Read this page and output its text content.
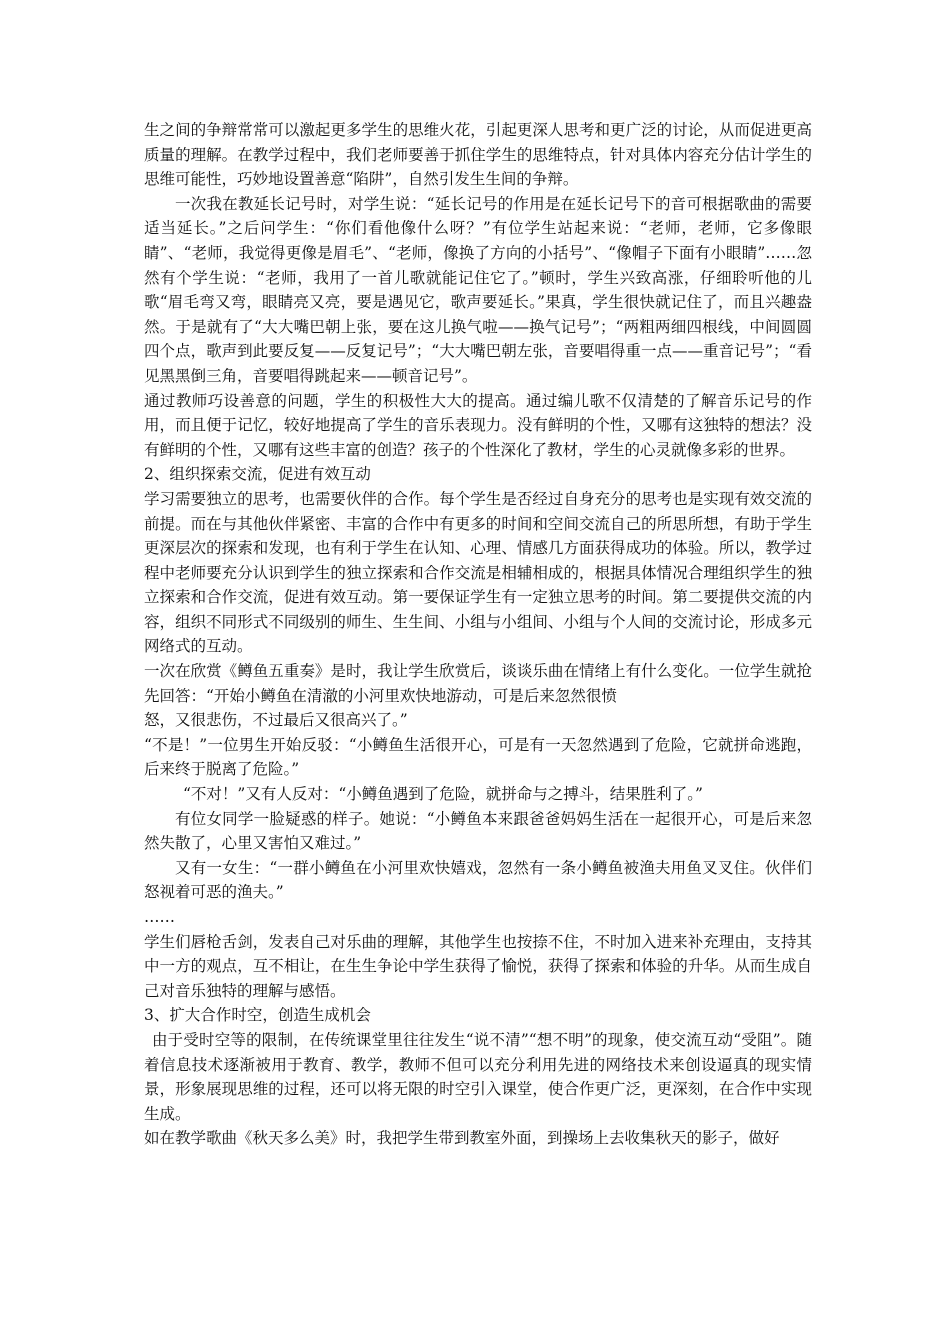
生之间的争辩常常可以激起更多学生的思维火花，引起更深人思考和更广泛的讨论，从而促进更高质量的理解。在教学过程中，我们老师要善于抓住学生的思维特点，针对具体内容充分估计学生的思维可能性，巧妙地设置善意“陷阱”，自然引发生生间的争辩。

一次我在教延长记号时，对学生说：“延长记号的作用是在延长记号下的音可根据歌曲的需要适当延长。”之后问学生：“你们看他像什么呀？”有位学生站起来说：“老师，老师，它多像眼睛”、“老师，我觉得更像是眉毛”、“老师，像换了方向的小括号”、“像帽子下面有小眼睛”……忽然有个学生说：“老师，我用了一首儿歌就能记住它了。”顿时，学生兴致高涨，仔细聆听他的儿歌“眉毛弯又弯，眼睛亮又亮，要是遇见它，歌声要延长。”果真，学生很快就记住了，而且兴趣盎然。于是就有了“大大嘴巴朝上张，要在这儿换气啦——换气记号”；“两粗两细四根线，中间圆圆四个点，歌声到此要反复——反复记号”；“大大嘴巴朝左张，音要唱得重一点——重音记号”；“看见黑黑倒三角，音要唱得跳起来——顿音记号”。

通过教师巧设善意的问题，学生的积极性大大的提高。通过编儿歌不仅清楚的了解音乐记号的作用，而且便于记忆，较好地提高了学生的音乐表现力。没有鲜明的个性，又哪有这独特的想法？没有鲜明的个性，又哪有这些丰富的创造？孩子的个性深化了教材，学生的心灵就像多彩的世界。

2、组织探索交流，促进有效互动

学习需要独立的思考，也需要伙伴的合作。每个学生是否经过自身充分的思考也是实现有效交流的前提。而在与其他伙伴紧密、丰富的合作中有更多的时间和空间交流自己的所思所想，有助于学生更深层次的探索和发现，也有利于学生在认知、心理、情感几方面获得成功的体验。所以，教学过程中老师要充分认识到学生的独立探索和合作交流是相辅相成的，根据具体情况合理组织学生的独立探索和合作交流，促进有效互动。第一要保证学生有一定独立思考的时间。第二要提供交流的内容，组织不同形式不同级别的师生、生生间、小组与小组间、小组与个人间的交流讨论，形成多元网络式的互动。

一次在欣赏《鳟鱼五重奏》是时，我让学生欣赏后，谈谈乐曲在情绪上有什么变化。一位学生就抢先回答：“开始小鳟鱼在清澈的小河里欢快地游动，可是后来忽然很愤

怒，又很悲伤，不过最后又很高兴了。”

“不是！”一位男生开始反驳：“小鳟鱼生活很开心，可是有一天忽然遇到了危险，它就拼命逃跑，后来终于脱离了危险。”

“不对！”又有人反对：“小鳟鱼遇到了危险，就拼命与之搏斗，结果胜利了。”

有位女同学一脸疑惑的样子。她说：“小鳟鱼本来跟爸爸妈妈生活在一起很开心，可是后来忽然失散了，心里又害怕又难过。”

又有一女生：“一群小鳟鱼在小河里欢快嬉戏，忽然有一条小鳟鱼被渔夫用鱼叉叉住。伙伴们怒视着可恶的渔夫。”

……

学生们唇枪舌剑，发表自己对乐曲的理解，其他学生也按捺不住，不时加入进来补充理由，支持其中一方的观点，互不相让，在生生争论中学生获得了愉悦，获得了探索和体验的升华。从而生成自己对音乐独特的理解与感悟。

3、扩大合作时空，创造生成机会

由于受时空等的限制，在传统课堂里往往发生“说不清”“想不明”的现象，使交流互动“受阻”。随着信息技术逐渐被用于教育、教学，教师不但可以充分利用先进的网络技术来创设逼真的现实情景，形象展现思维的过程，还可以将无限的时空引入课堂，使合作更广泛，更深刻，在合作中实现生成。

如在教学歌曲《秋天多么美》时，我把学生带到教室外面，到操场上去收集秋天的影子，做好
